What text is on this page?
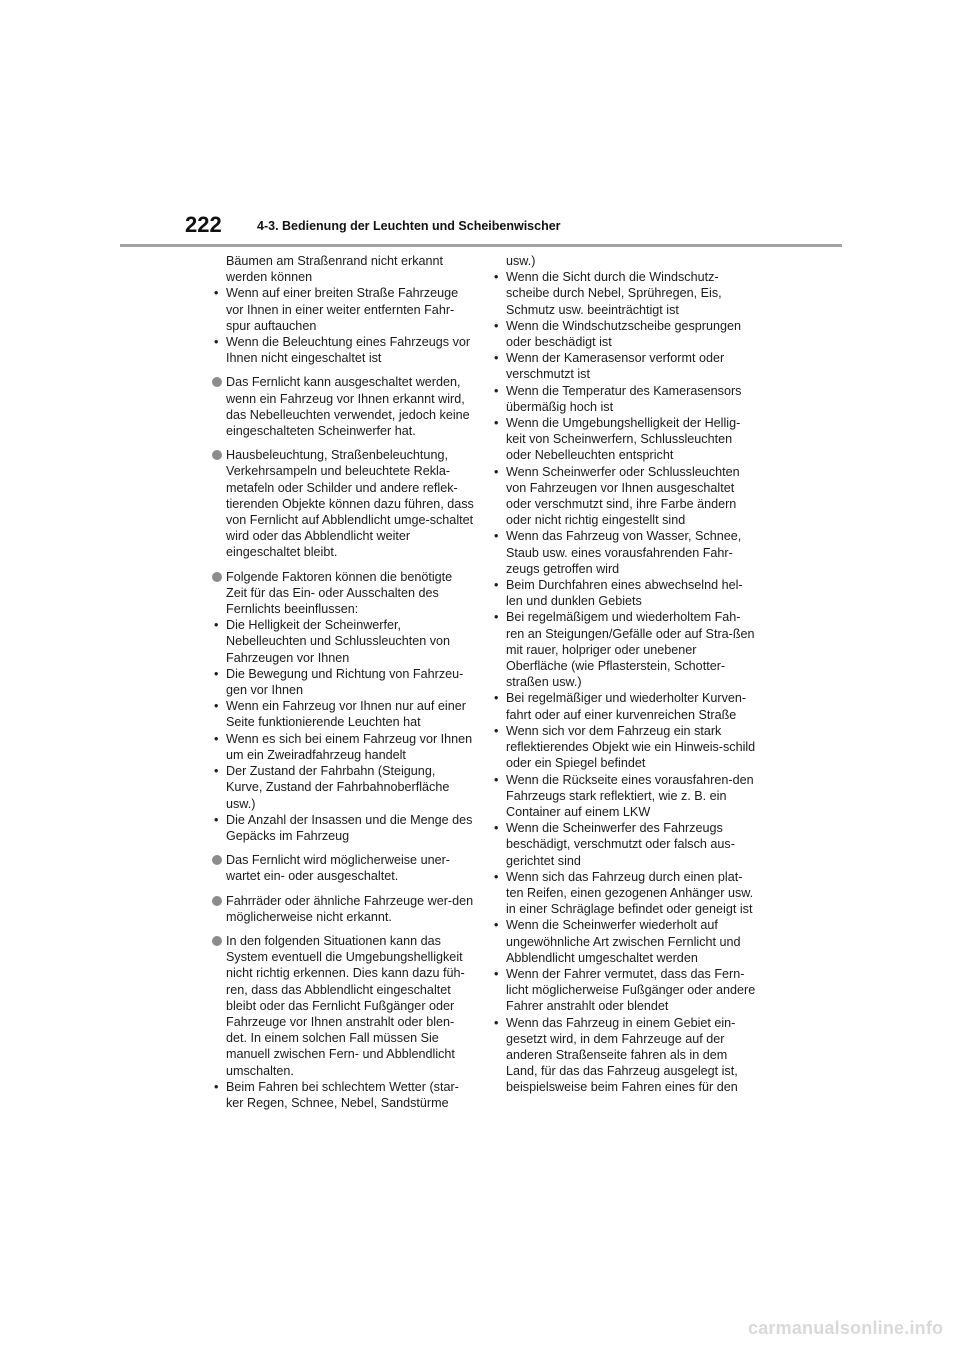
222	4-3. Bedienung der Leuchten und Scheibenwischer
Bäumen am Straßenrand nicht erkannt werden können
• Wenn auf einer breiten Straße Fahrzeuge vor Ihnen in einer weiter entfernten Fahr-spur auftauchen
• Wenn die Beleuchtung eines Fahrzeugs vor Ihnen nicht eingeschaltet ist
Das Fernlicht kann ausgeschaltet werden, wenn ein Fahrzeug vor Ihnen erkannt wird, das Nebelleuchten verwendet, jedoch keine eingeschalteten Scheinwerfer hat.
Hausbeleuchtung, Straßenbeleuchtung, Verkehrsampeln und beleuchtete Rekla-metafeln oder Schilder und andere reflek-tierenden Objekte können dazu führen, dass von Fernlicht auf Abblendlicht umge-schaltet wird oder das Abblendlicht weiter eingeschaltet bleibt.
Folgende Faktoren können die benötigte Zeit für das Ein- oder Ausschalten des Fernlichts beeinflussen:
• Die Helligkeit der Scheinwerfer, Nebelleuchten und Schlussleuchten von Fahrzeugen vor Ihnen
• Die Bewegung und Richtung von Fahrzeu-gen vor Ihnen
• Wenn ein Fahrzeug vor Ihnen nur auf einer Seite funktionierende Leuchten hat
• Wenn es sich bei einem Fahrzeug vor Ihnen um ein Zweiradfahrzeug handelt
• Der Zustand der Fahrbahn (Steigung, Kurve, Zustand der Fahrbahnoberfläche usw.)
• Die Anzahl der Insassen und die Menge des Gepäcks im Fahrzeug
Das Fernlicht wird möglicherweise uner-wartet ein- oder ausgeschaltet.
Fahrräder oder ähnliche Fahrzeuge wer-den möglicherweise nicht erkannt.
In den folgenden Situationen kann das System eventuell die Umgebungshelligkeit nicht richtig erkennen. Dies kann dazu füh-ren, dass das Abblendlicht eingeschaltet bleibt oder das Fernlicht Fußgänger oder Fahrzeuge vor Ihnen anstrahlt oder blen-det. In einem solchen Fall müssen Sie manuell zwischen Fern- und Abblendlicht umschalten.
• Beim Fahren bei schlechtem Wetter (star-ker Regen, Schnee, Nebel, Sandstürme
usw.)
• Wenn die Sicht durch die Windschutz-scheibe durch Nebel, Sprühregen, Eis, Schmutz usw. beeinträchtigt ist
• Wenn die Windschutzscheibe gesprungen oder beschädigt ist
• Wenn der Kamerasensor verformt oder verschmutzt ist
• Wenn die Temperatur des Kamerasensors übermäßig hoch ist
• Wenn die Umgebungshelligkeit der Hellig-keit von Scheinwerfern, Schlussleuchten oder Nebelleuchten entspricht
• Wenn Scheinwerfer oder Schlussleuchten von Fahrzeugen vor Ihnen ausgeschaltet oder verschmutzt sind, ihre Farbe ändern oder nicht richtig eingestellt sind
• Wenn das Fahrzeug von Wasser, Schnee, Staub usw. eines vorausfahrenden Fahr-zeugs getroffen wird
• Beim Durchfahren eines abwechselnd hel-len und dunklen Gebiets
• Bei regelmäßigem und wiederholtem Fah-ren an Steigungen/Gefälle oder auf Stra-ßen mit rauer, holpriger oder unebener Oberfläche (wie Pflasterstein, Schotter-straßen usw.)
• Bei regelmäßiger und wiederholter Kurven-fahrt oder auf einer kurvenreichen Straße
• Wenn sich vor dem Fahrzeug ein stark reflektierendes Objekt wie ein Hinweis-schild oder ein Spiegel befindet
• Wenn die Rückseite eines vorausfahren-den Fahrzeugs stark reflektiert, wie z. B. ein Container auf einem LKW
• Wenn die Scheinwerfer des Fahrzeugs beschädigt, verschmutzt oder falsch aus-gerichtet sind
• Wenn sich das Fahrzeug durch einen plat-ten Reifen, einen gezogenen Anhänger usw. in einer Schräglage befindet oder geneigt ist
• Wenn die Scheinwerfer wiederholt auf ungewöhnliche Art zwischen Fernlicht und Abblendlicht umgeschaltet werden
• Wenn der Fahrer vermutet, dass das Fern-licht möglicherweise Fußgänger oder andere Fahrer anstrahlt oder blendet
• Wenn das Fahrzeug in einem Gebiet ein-gesetzt wird, in dem Fahrzeuge auf der anderen Straßenseite fahren als in dem Land, für das das Fahrzeug ausgelegt ist, beispielsweise beim Fahren eines für den
carmanualsonline.info
